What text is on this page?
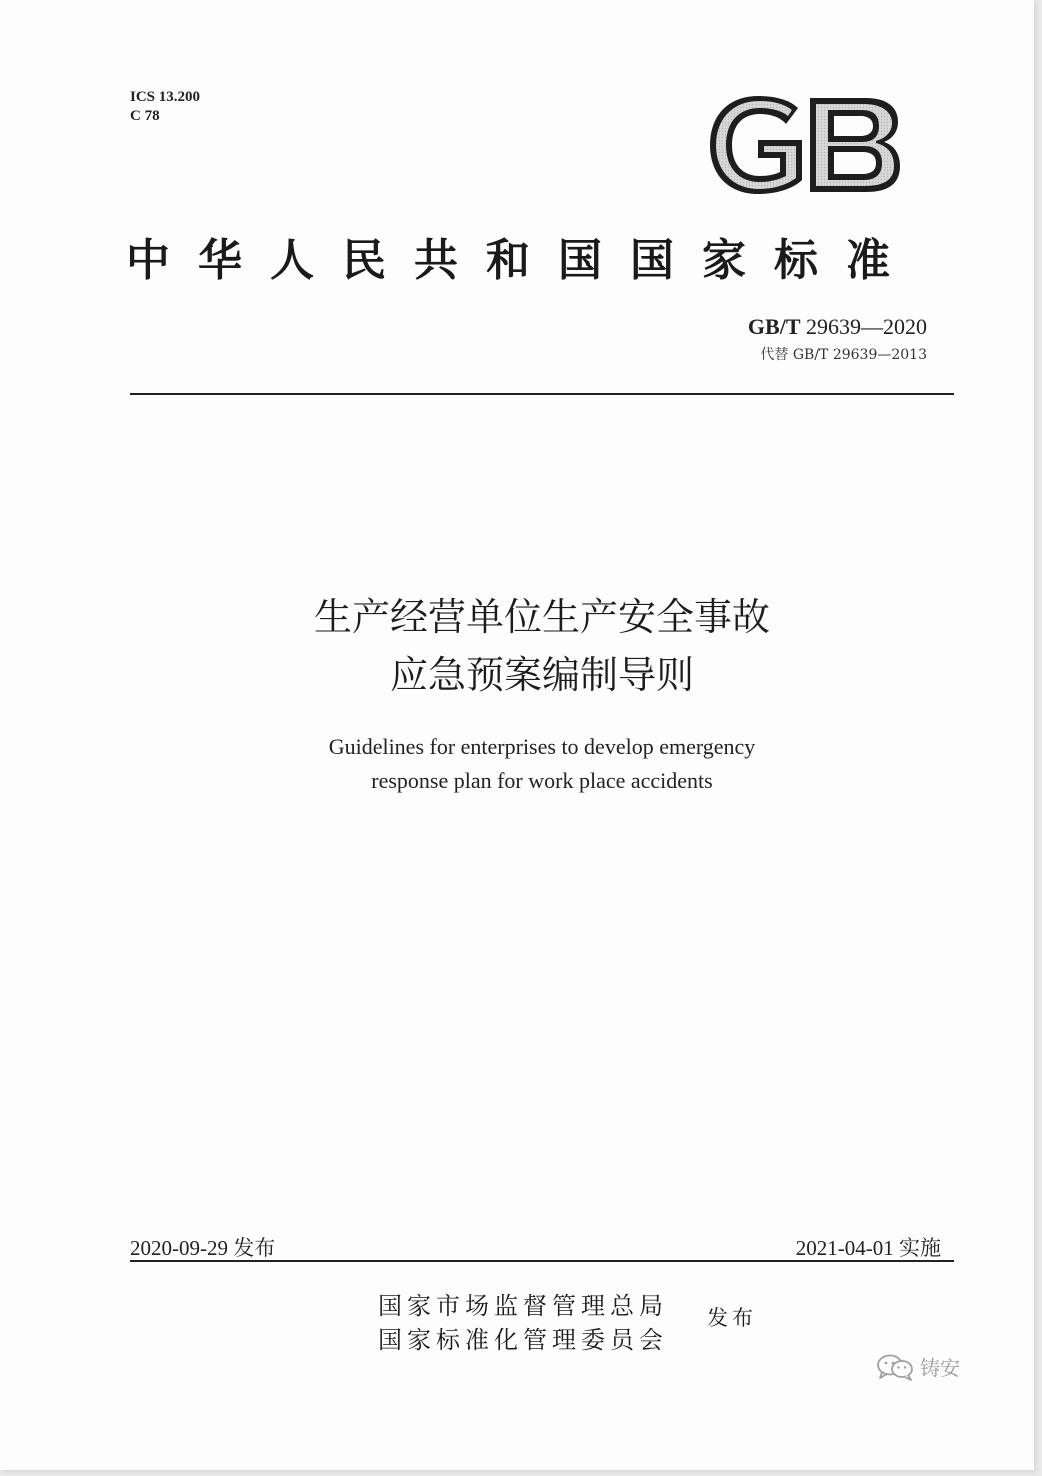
ICS 13.200
C 78
GB
中华人民共和国国家标准
GB/T 29639—2020
代替 GB/T 29639—2013
生产经营单位生产安全事故
应急预案编制导则
Guidelines for enterprises to develop emergency
response plan for work place accidents
2020-09-29 发布	2021-04-01 实施
国家市场监督管理总局
国家标准化管理委员会
发布
铸安
